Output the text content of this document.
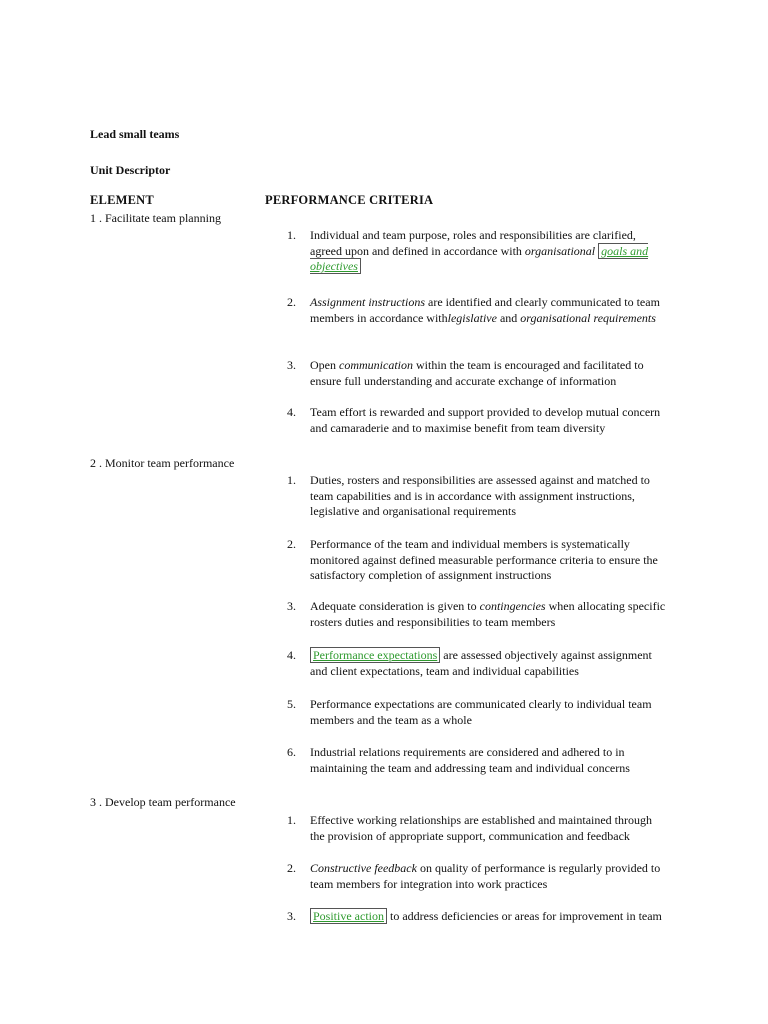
Lead small teams
Unit Descriptor
ELEMENT	PERFORMANCE CRITERIA
1 . Facilitate team planning
1. Individual and team purpose, roles and responsibilities are clarified, agreed upon and defined in accordance with organisational goals and objectives
2. Assignment instructions are identified and clearly communicated to team members in accordance withlegislative and organisational requirements
3. Open communication within the team is encouraged and facilitated to ensure full understanding and accurate exchange of information
4. Team effort is rewarded and support provided to develop mutual concern and camaraderie and to maximise benefit from team diversity
2 . Monitor team performance
1. Duties, rosters and responsibilities are assessed against and matched to team capabilities and is in accordance with assignment instructions, legislative and organisational requirements
2. Performance of the team and individual members is systematically monitored against defined measurable performance criteria to ensure the satisfactory completion of assignment instructions
3. Adequate consideration is given to contingencies when allocating specific rosters duties and responsibilities to team members
4. Performance expectations are assessed objectively against assignment and client expectations, team and individual capabilities
5. Performance expectations are communicated clearly to individual team members and the team as a whole
6. Industrial relations requirements are considered and adhered to in maintaining the team and addressing team and individual concerns
3 . Develop team performance
1. Effective working relationships are established and maintained through the provision of appropriate support, communication and feedback
2. Constructive feedback on quality of performance is regularly provided to team members for integration into work practices
3. Positive action to address deficiencies or areas for improvement in team
